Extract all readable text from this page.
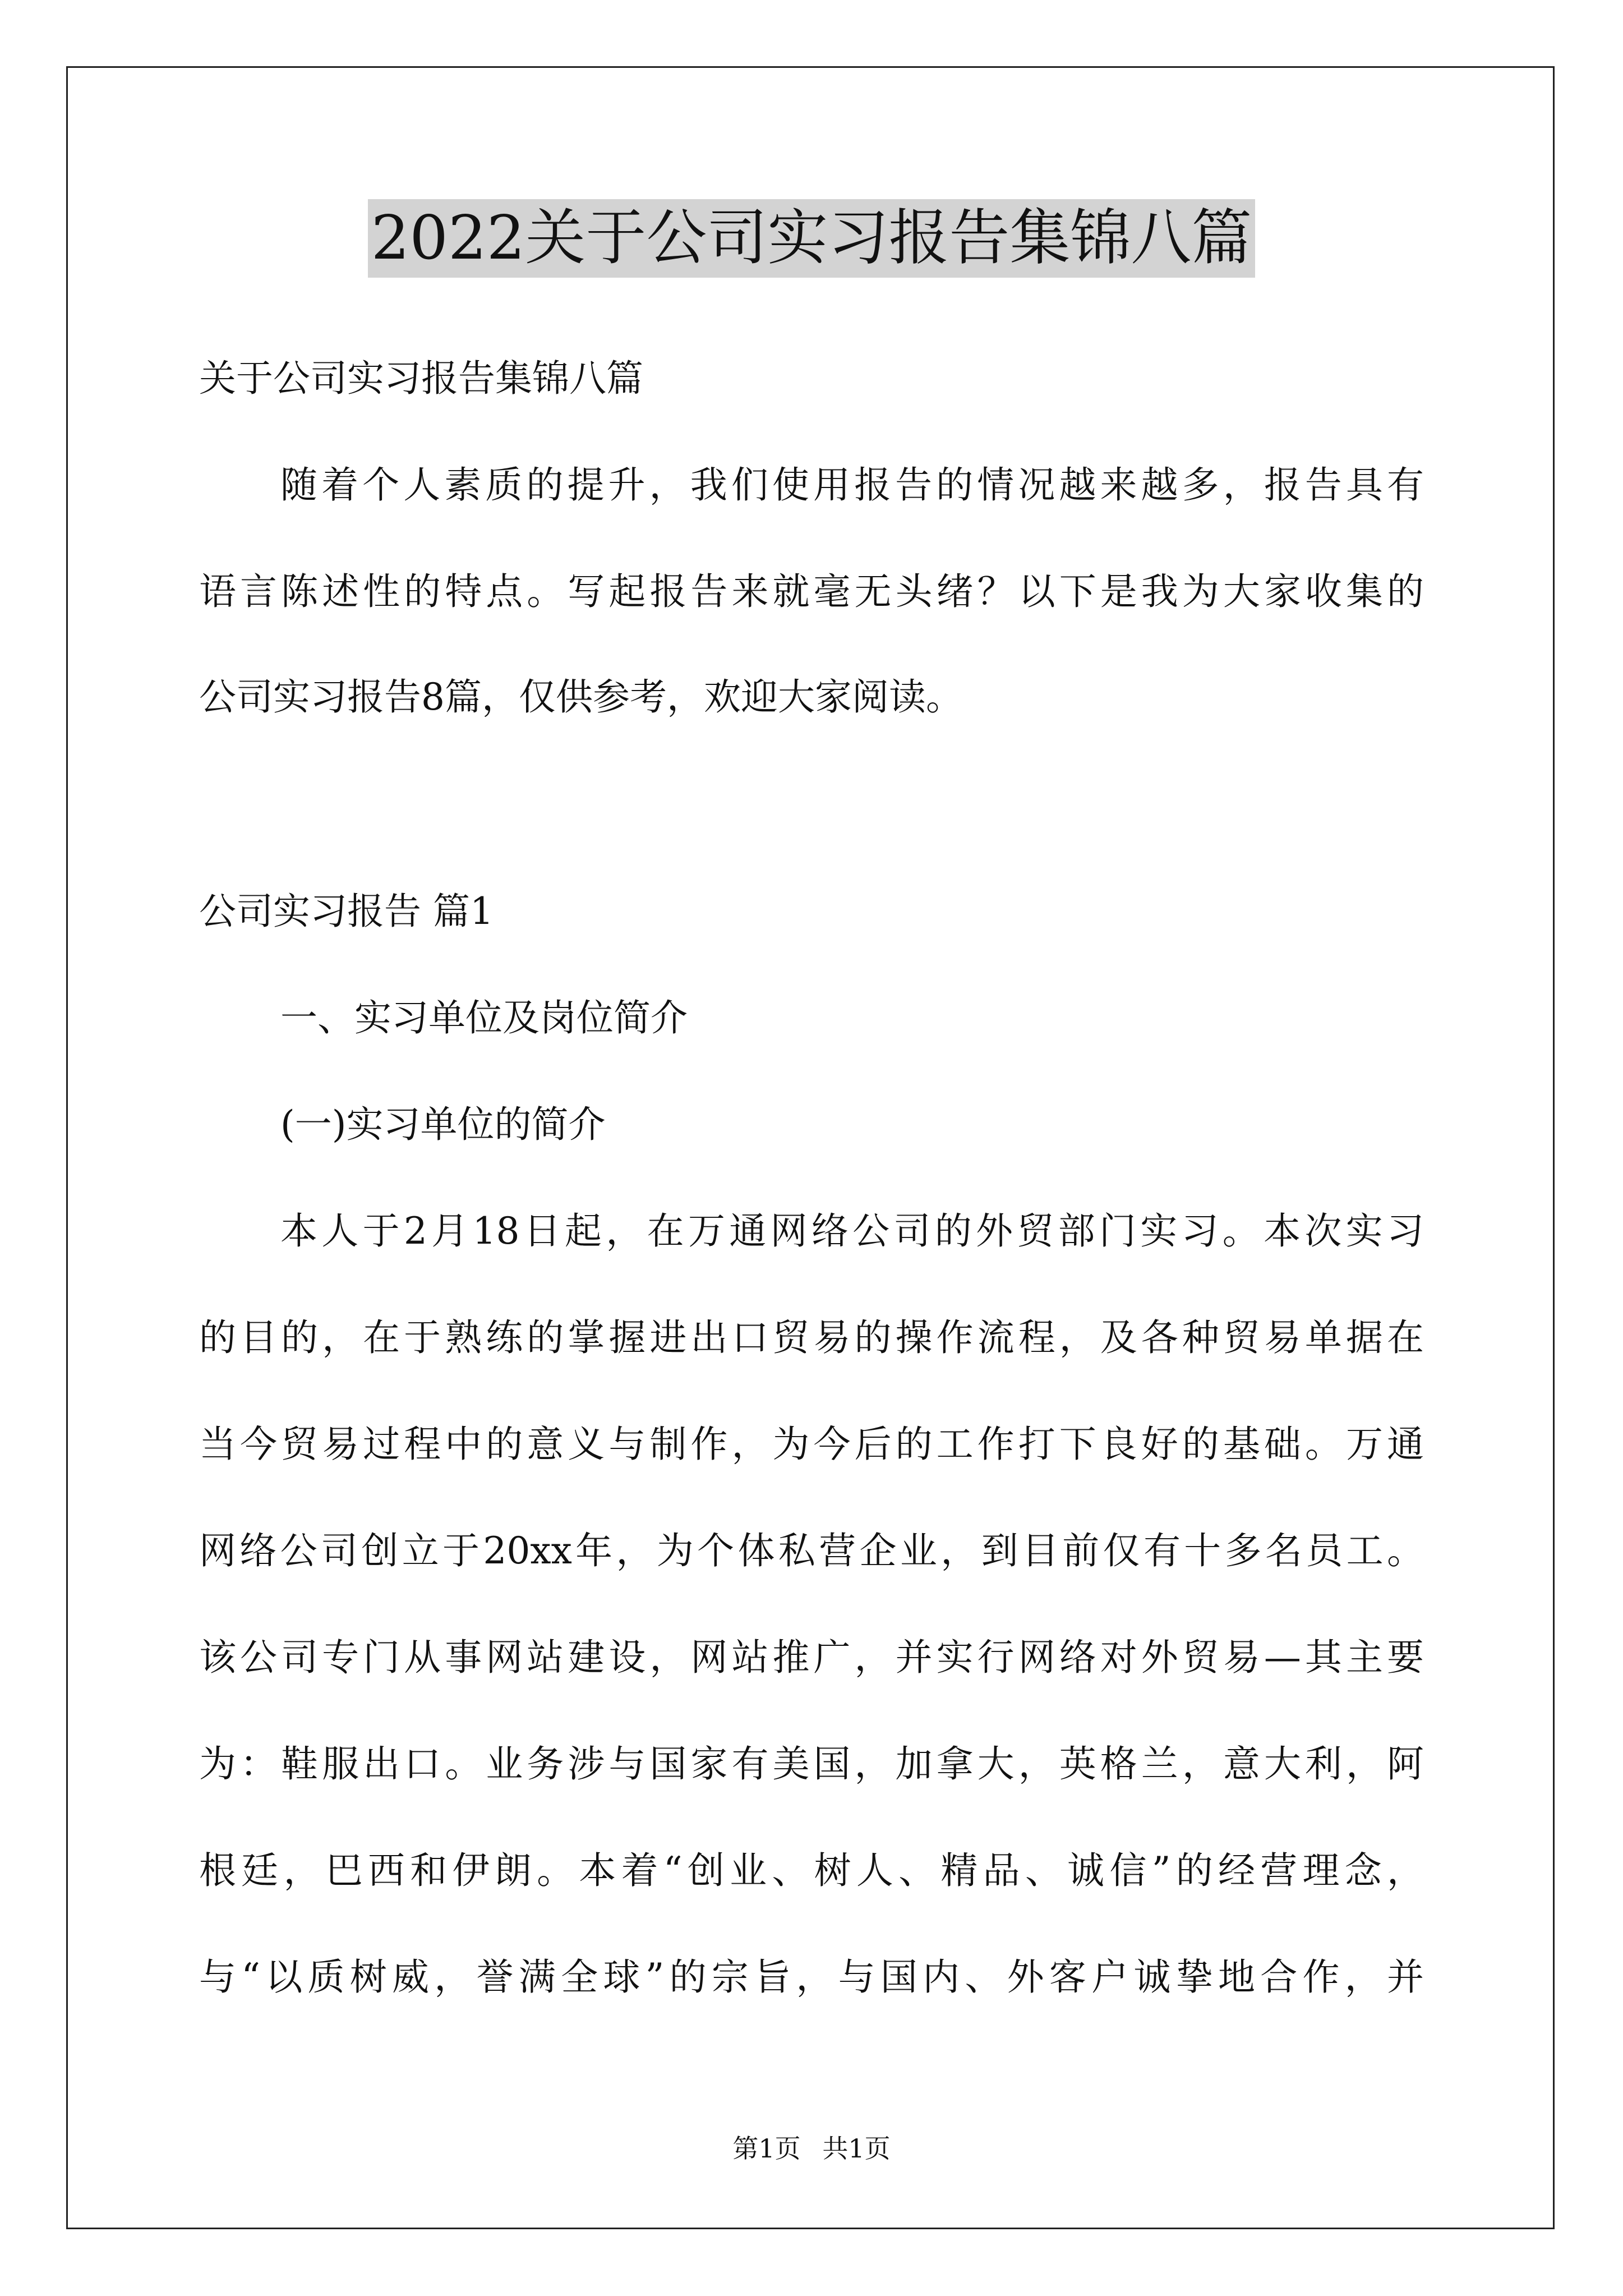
2022关于公司实习报告集锦八篇
关于公司实习报告集锦八篇
随着个人素质的提升，我们使用报告的情况越来越多，报告具有
语言陈述性的特点。写起报告来就毫无头绪？以下是我为大家收集的
公司实习报告8篇，仅供参考，欢迎大家阅读。
公司实习报告 篇1
一、实习单位及岗位简介
(一)实习单位的简介
本人于2月18日起，在万通网络公司的外贸部门实习。本次实习
的目的，在于熟练的掌握进出口贸易的操作流程，及各种贸易单据在
当今贸易过程中的意义与制作，为今后的工作打下良好的基础。万通
网络公司创立于20xx年，为个体私营企业，到目前仅有十多名员工。
该公司专门从事网站建设，网站推广，并实行网络对外贸易—其主要
为：鞋服出口。业务涉与国家有美国，加拿大，英格兰，意大利，阿
根廷，巴西和伊朗。本着“创业、树人、精品、诚信”的经营理念，
与“以质树威，誉满全球”的宗旨，与国内、外客户诚挚地合作，并
第1页 共1页
